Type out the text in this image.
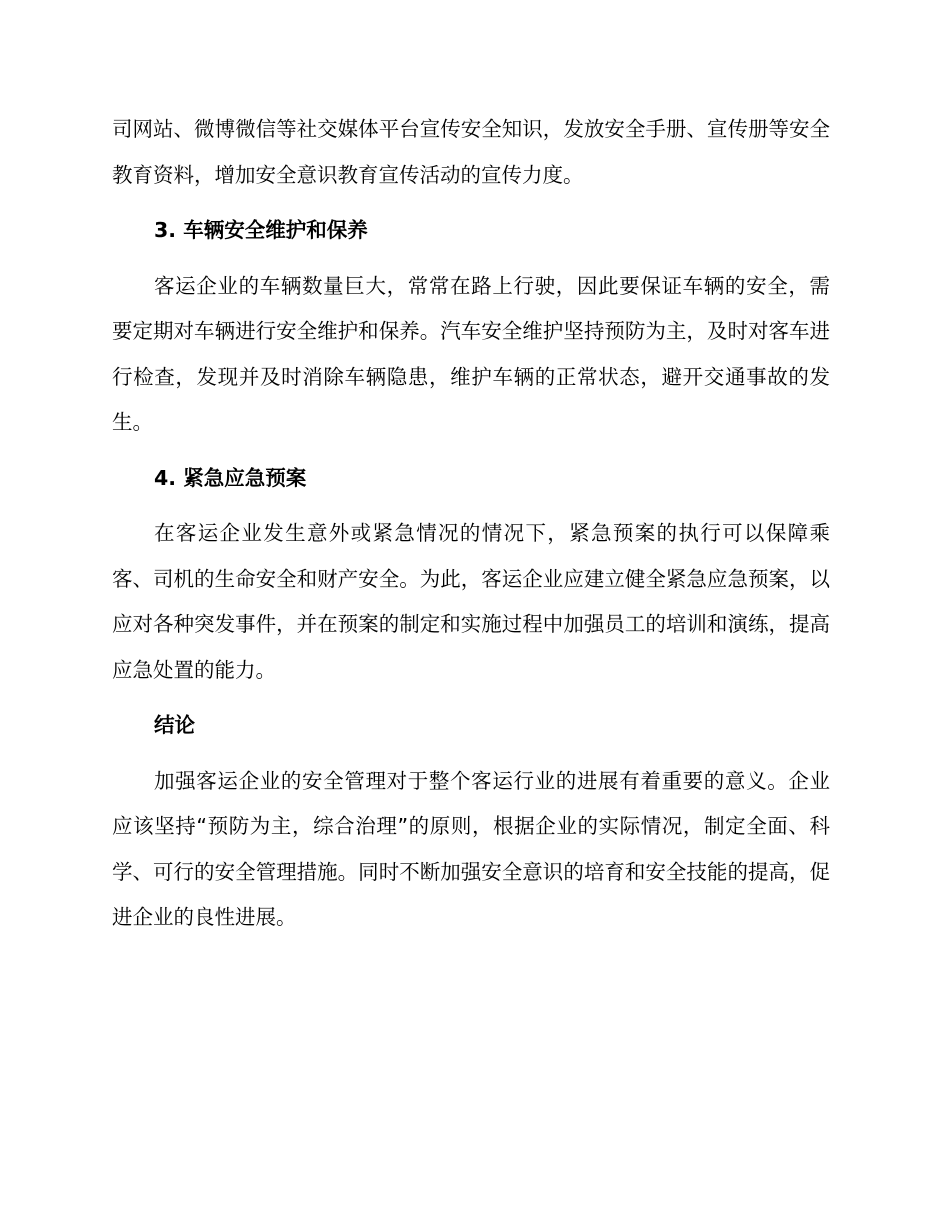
司网站、微博微信等社交媒体平台宣传安全知识，发放安全手册、宣传册等安全教育资料，增加安全意识教育宣传活动的宣传力度。

3. 车辆安全维护和保养

客运企业的车辆数量巨大，常常在路上行驶，因此要保证车辆的安全，需要定期对车辆进行安全维护和保养。汽车安全维护坚持预防为主，及时对客车进行检查，发现并及时消除车辆隐患，维护车辆的正常状态，避开交通事故的发生。

4. 紧急应急预案

在客运企业发生意外或紧急情况的情况下，紧急预案的执行可以保障乘客、司机的生命安全和财产安全。为此，客运企业应建立健全紧急应急预案，以应对各种突发事件，并在预案的制定和实施过程中加强员工的培训和演练，提高应急处置的能力。

结论

加强客运企业的安全管理对于整个客运行业的进展有着重要的意义。企业应该坚持“预防为主，综合治理”的原则，根据企业的实际情况，制定全面、科学、可行的安全管理措施。同时不断加强安全意识的培育和安全技能的提高，促进企业的良性进展。
